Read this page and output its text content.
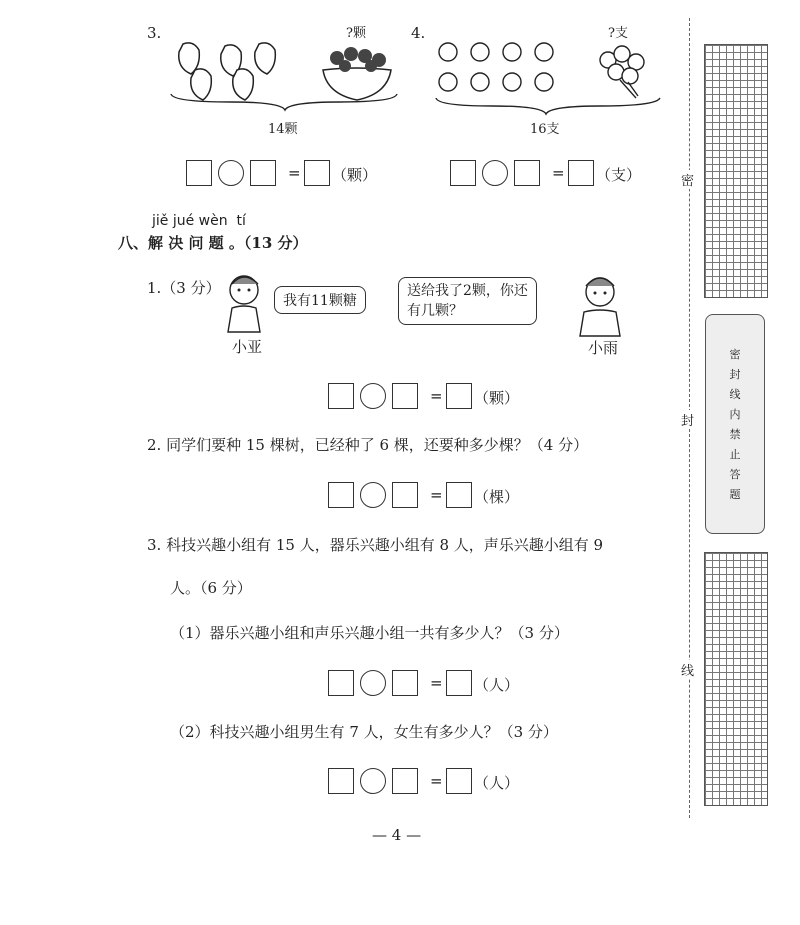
3.	?颗
14颗
4.	?支
16支
= （颗）	= （支）
jiě jué wèn  tí
八、解 决 问 题 。（13 分）
1.（3 分）
我有11颗糖
小亚
送给我了2颗，你还
有几颗？
小雨
= （颗）
2. 同学们要种 15 棵树，已经种了 6 棵，还要种多少棵？（4 分）
= （棵）
3. 科技兴趣小组有 15 人，器乐兴趣小组有 8 人，声乐兴趣小组有 9
人。（6 分）
（1）器乐兴趣小组和声乐兴趣小组一共有多少人？（3 分）
= （人）
（2）科技兴趣小组男生有 7 人，女生有多少人？（3 分）
= （人）
— 4 —
密
封
线
密封线内禁止答题
